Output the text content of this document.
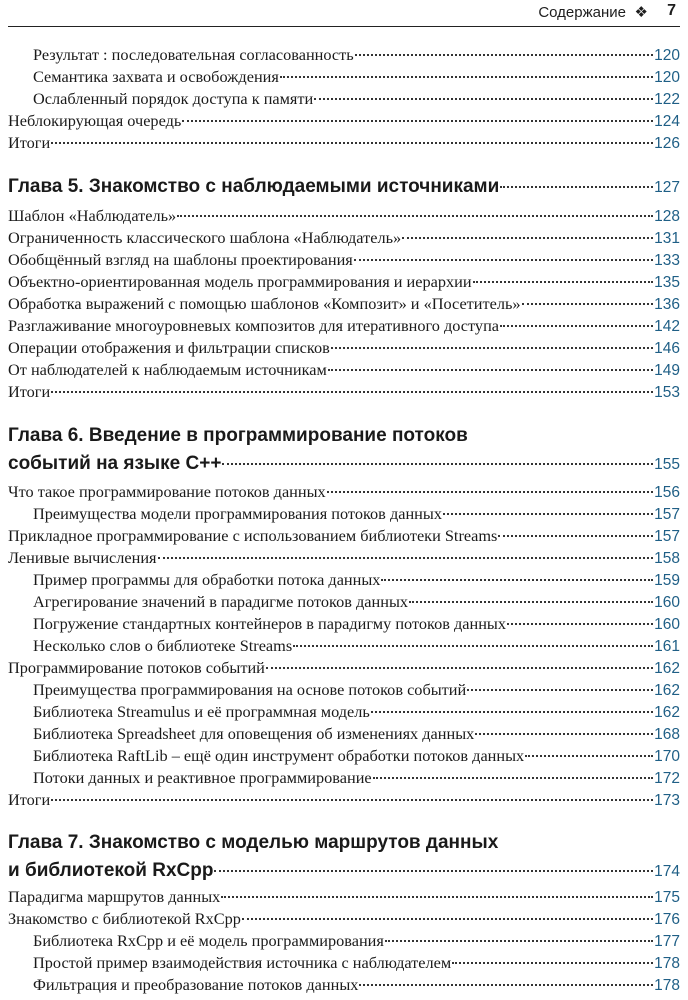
Содержание ❖ 7
Результат : последовательная согласованность	120
Семантика захвата и освобождения	120
Ослабленный порядок доступа к памяти	122
Неблокирующая очередь	124
Итоги	126
Глава 5. Знакомство с наблюдаемыми источниками	127
Шаблон «Наблюдатель»	128
Ограниченность классического шаблона «Наблюдатель»	131
Обобщённый взгляд на шаблоны проектирования	133
Объектно-ориентированная модель программирования и иерархии	135
Обработка выражений с помощью шаблонов «Композит» и «Посетитель»	136
Разглаживание многоуровневых композитов для итеративного доступа	142
Операции отображения и фильтрации списков	146
От наблюдателей к наблюдаемым источникам	149
Итоги	153
Глава 6. Введение в программирование потоков
событий на языке C++	155
Что такое программирование потоков данных	156
Преимущества модели программирования потоков данных	157
Прикладное программирование с использованием библиотеки Streams	157
Ленивые вычисления	158
Пример программы для обработки потока данных	159
Агрегирование значений в парадигме потоков данных	160
Погружение стандартных контейнеров в парадигму потоков данных	160
Несколько слов о библиотеке Streams	161
Программирование потоков событий	162
Преимущества программирования на основе потоков событий	162
Библиотека Streamulus и её программная модель	162
Библиотека Spreadsheet для оповещения об изменениях данных	168
Библиотека RaftLib – ещё один инструмент обработки потоков данных	170
Потоки данных и реактивное программирование	172
Итоги	173
Глава 7. Знакомство с моделью маршрутов данных
и библиотекой RxCpp	174
Парадигма маршрутов данных	175
Знакомство с библиотекой RxCpp	176
Библиотека RxCpp и её модель программирования	177
Простой пример взаимодействия источника с наблюдателем	178
Фильтрация и преобразование потоков данных	178
